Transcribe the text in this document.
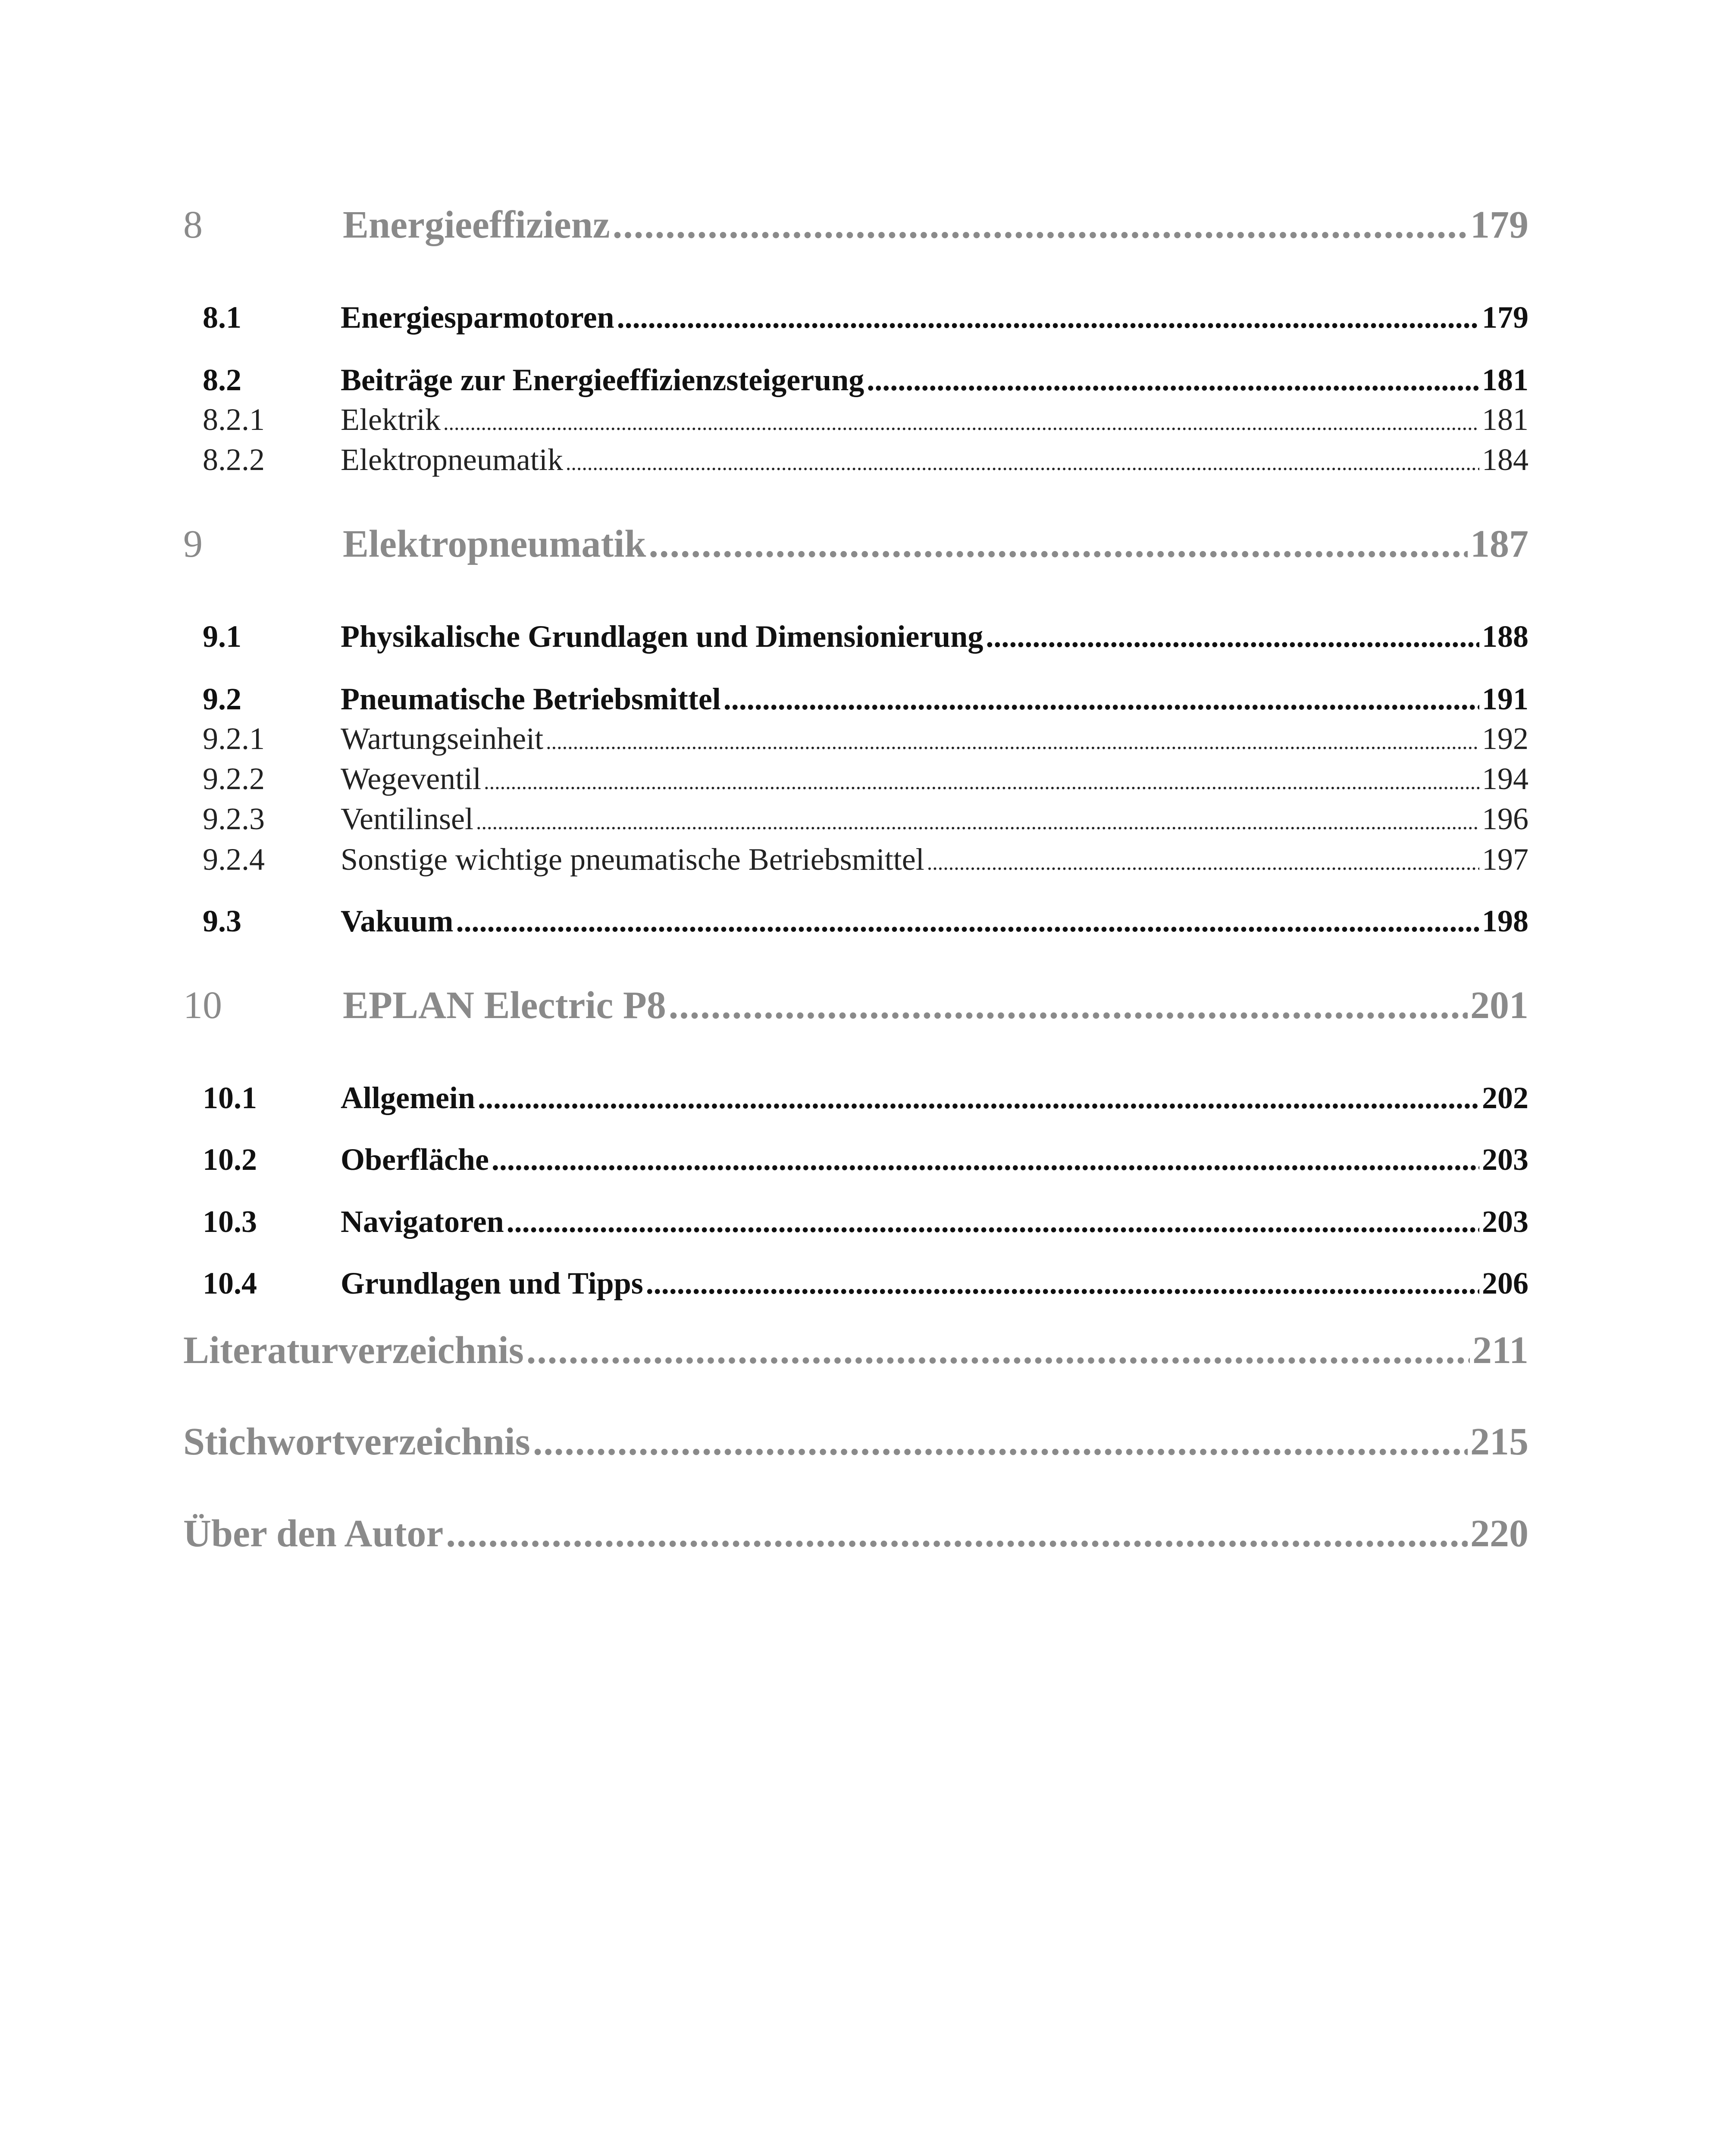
8	Energieeffizienz .....	179
8.1	Energiesparmotoren .....	179
8.2	Beiträge zur Energieeffizienzsteigerung .....	181
8.2.1	Elektrik .....	181
8.2.2	Elektropneumatik .....	184
9	Elektropneumatik .....	187
9.1	Physikalische Grundlagen und Dimensionierung .....	188
9.2	Pneumatische Betriebsmittel .....	191
9.2.1	Wartungseinheit .....	192
9.2.2	Wegeventil .....	194
9.2.3	Ventilinsel .....	196
9.2.4	Sonstige wichtige pneumatische Betriebsmittel .....	197
9.3	Vakuum .....	198
10	EPLAN Electric P8 .....	201
10.1	Allgemein .....	202
10.2	Oberfläche .....	203
10.3	Navigatoren .....	203
10.4	Grundlagen und Tipps .....	206
Literaturverzeichnis .....	211
Stichwortverzeichnis .....	215
Über den Autor .....	220
